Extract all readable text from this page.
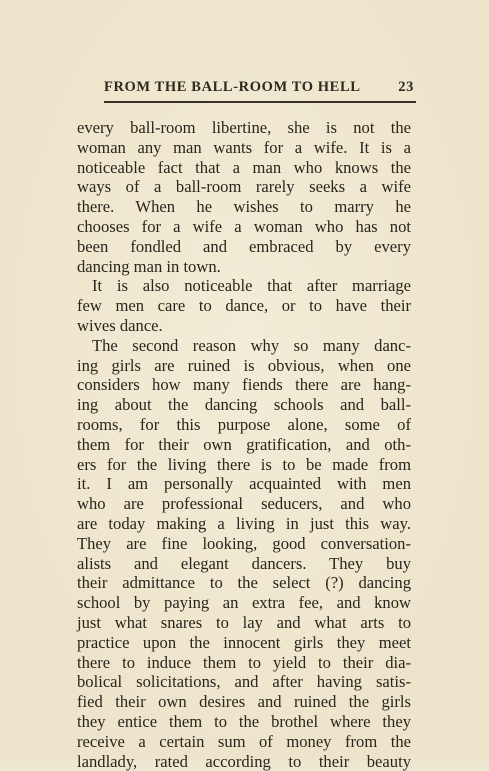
FROM THE BALL-ROOM TO HELL	23
every ball-room libertine, she is not the
woman any man wants for a wife. It is a
noticeable fact that a man who knows the
ways of a ball-room rarely seeks a wife
there. When he wishes to marry he
chooses for a wife a woman who has not
been fondled and embraced by every
dancing man in town.
It is also noticeable that after marriage
few men care to dance, or to have their
wives dance.
The second reason why so many danc-
ing girls are ruined is obvious, when one
considers how many fiends there are hang-
ing about the dancing schools and ball-
rooms, for this purpose alone, some of
them for their own gratification, and oth-
ers for the living there is to be made from
it. I am personally acquainted with men
who are professional seducers, and who
are today making a living in just this way.
They are fine looking, good conversation-
alists and elegant dancers. They buy
their admittance to the select (?) dancing
school by paying an extra fee, and know
just what snares to lay and what arts to
practice upon the innocent girls they meet
there to induce them to yield to their dia-
bolical solicitations, and after having satis-
fied their own desires and ruined the girls
they entice them to the brothel where they
receive a certain sum of money from the
landlady, rated according to their beauty
